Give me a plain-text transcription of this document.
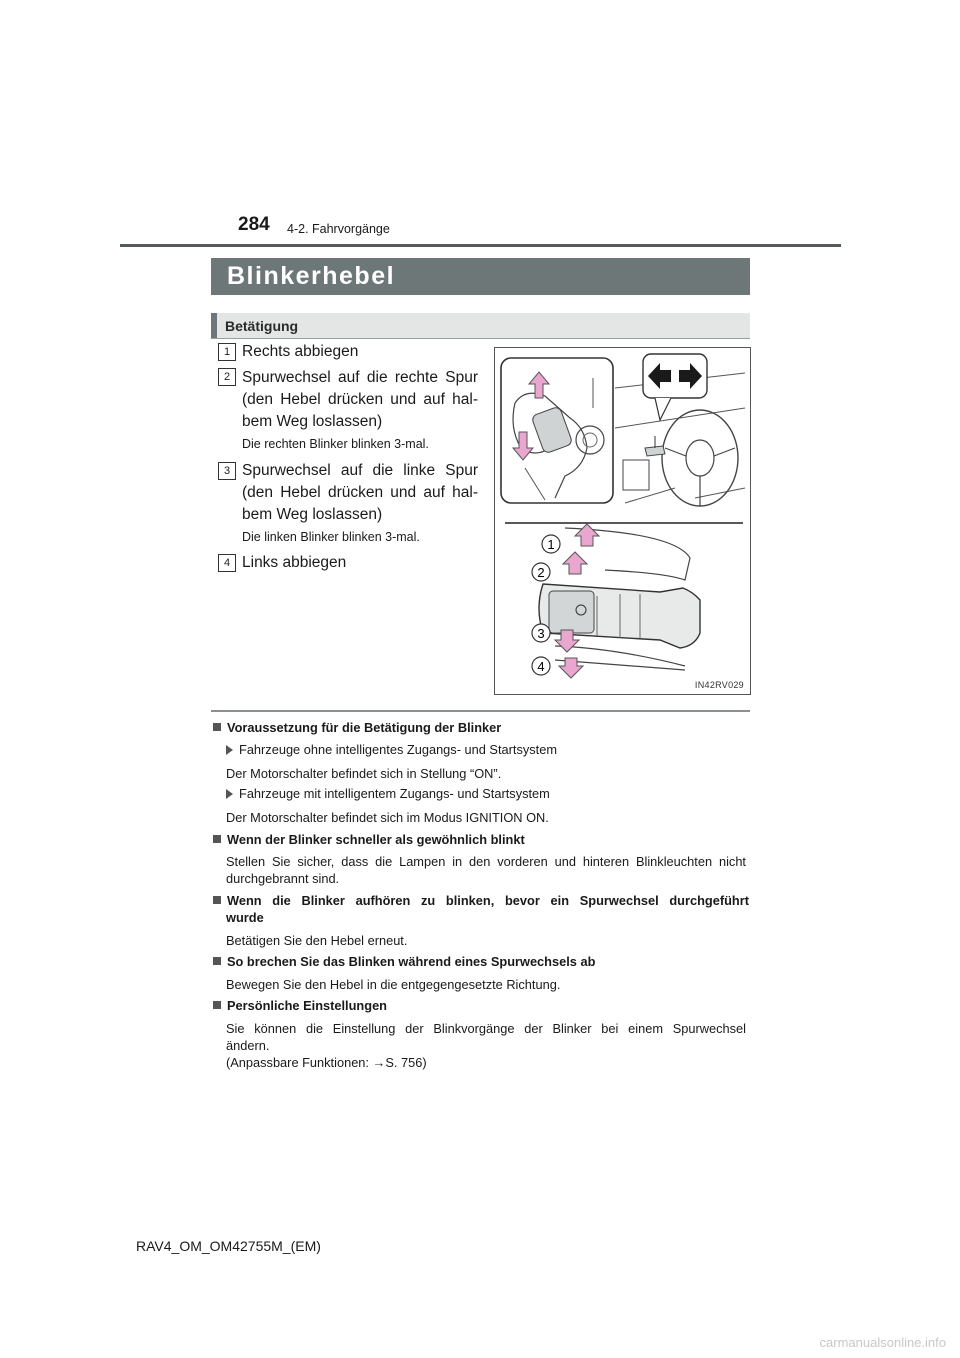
284 4-2. Fahrvorgänge
Blinkerhebel
Betätigung
1 Rechts abbiegen
2 Spurwechsel auf die rechte Spur
(den Hebel drücken und auf hal-
bem Weg loslassen)
Die rechten Blinker blinken 3-mal.
3 Spurwechsel auf die linke Spur
(den Hebel drücken und auf hal-
bem Weg loslassen)
Die linken Blinker blinken 3-mal.
4 Links abbiegen
1
2
3
4
IN42RV029
Voraussetzung für die Betätigung der Blinker
Fahrzeuge ohne intelligentes Zugangs- und Startsystem
Der Motorschalter befindet sich in Stellung “ON”.
Fahrzeuge mit intelligentem Zugangs- und Startsystem
Der Motorschalter befindet sich im Modus IGNITION ON.
Wenn der Blinker schneller als gewöhnlich blinkt
Stellen Sie sicher, dass die Lampen in den vorderen und hinteren Blinkleuchten nicht
durchgebrannt sind.
Wenn die Blinker aufhören zu blinken, bevor ein Spurwechsel durchgeführt
wurde
Betätigen Sie den Hebel erneut.
So brechen Sie das Blinken während eines Spurwechsels ab
Bewegen Sie den Hebel in die entgegengesetzte Richtung.
Persönliche Einstellungen
Sie können die Einstellung der Blinkvorgänge der Blinker bei einem Spurwechsel
ändern.
(Anpassbare Funktionen: →S. 756)
RAV4_OM_OM42755M_(EM)
carmanualsonline.info
